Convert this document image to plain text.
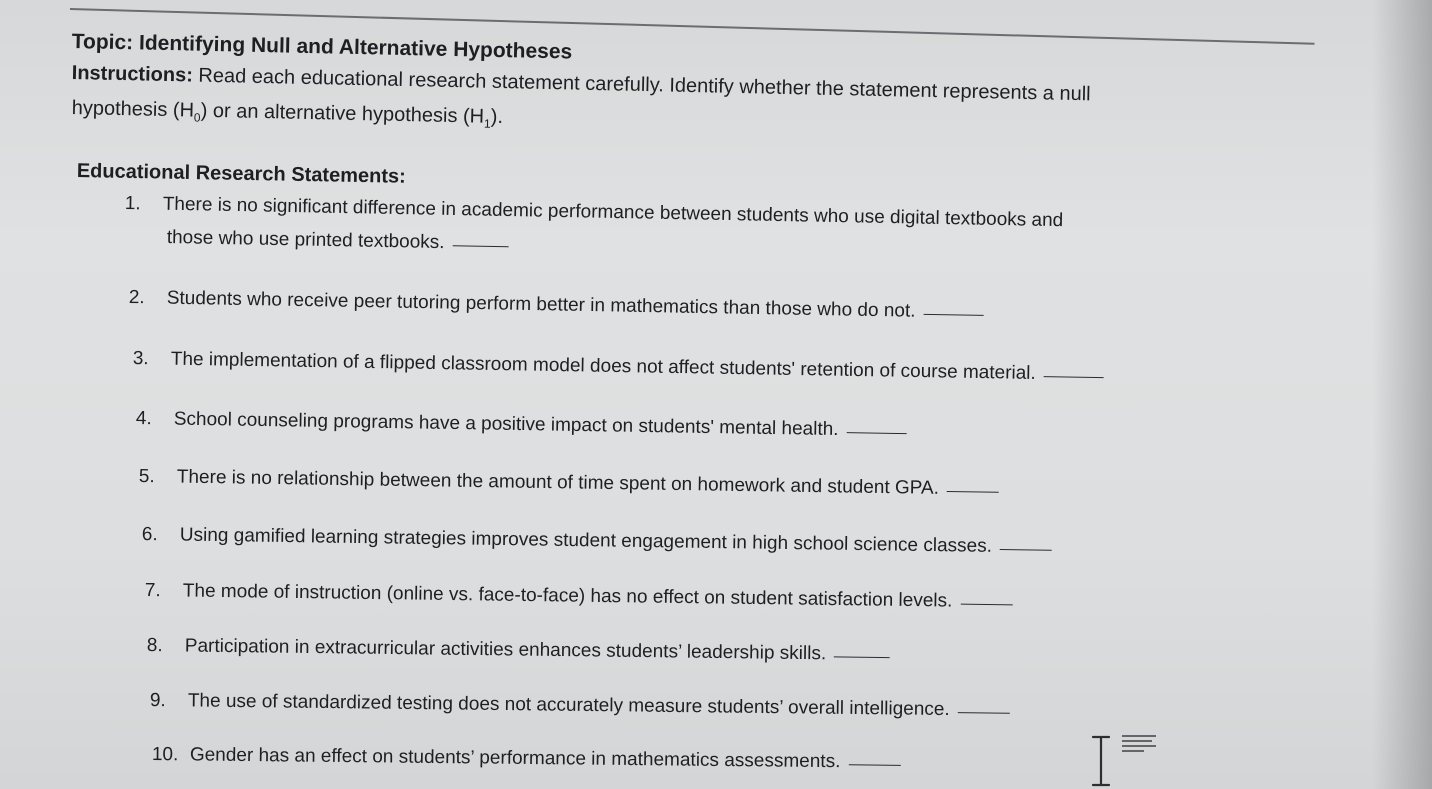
Topic: Identifying Null and Alternative Hypotheses
Instructions: Read each educational research statement carefully. Identify whether the statement represents a null
hypothesis $(H_0)$ or an alternative hypothesis $(H_1)$.
Educational Research Statements:
1. There is no significant difference in academic performance between students who use digital textbooks and
those who use printed textbooks.
2. Students who receive peer tutoring perform better in mathematics than those who do not.
3. The implementation of a flipped classroom model does not affect students' retention of course material.
4. School counseling programs have a positive impact on students' mental health.
5. There is no relationship between the amount of time spent on homework and student GPA.
6. Using gamified learning strategies improves student engagement in high school science classes.
7. The mode of instruction (online vs. face-to-face) has no effect on student satisfaction levels.
8. Participation in extracurricular activities enhances students’ leadership skills.
9. The use of standardized testing does not accurately measure students’ overall intelligence.
10. Gender has an effect on students’ performance in mathematics assessments.
